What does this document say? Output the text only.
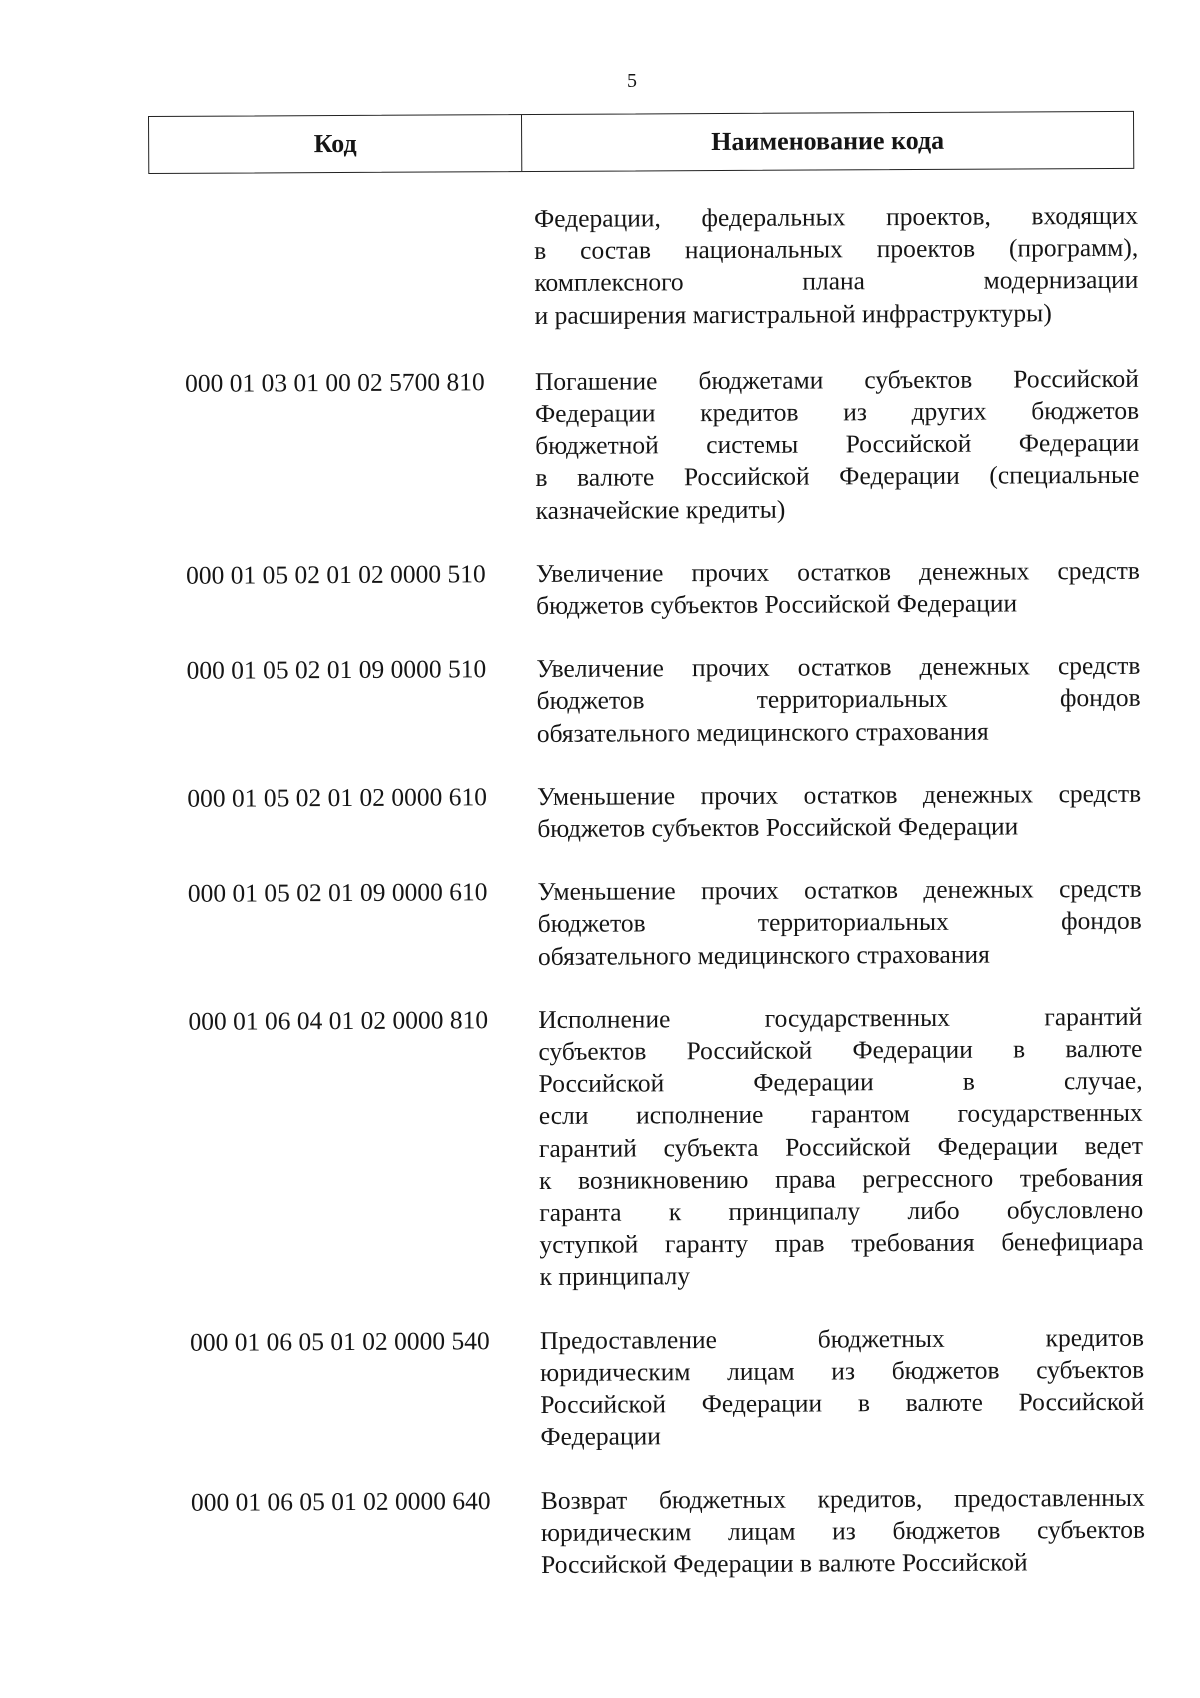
5
Код	Наименование кода
Федерации, федеральных проектов, входящих
в состав национальных проектов (программ),
комплексного плана модернизации
и расширения магистральной инфраструктуры)
000 01 03 01 00 02 5700 810	Погашение бюджетами субъектов Российской
Федерации кредитов из других бюджетов
бюджетной системы Российской Федерации
в валюте Российской Федерации (специальные
казначейские кредиты)
000 01 05 02 01 02 0000 510	Увеличение прочих остатков денежных средств
бюджетов субъектов Российской Федерации
000 01 05 02 01 09 0000 510	Увеличение прочих остатков денежных средств
бюджетов территориальных фондов
обязательного медицинского страхования
000 01 05 02 01 02 0000 610	Уменьшение прочих остатков денежных средств
бюджетов субъектов Российской Федерации
000 01 05 02 01 09 0000 610	Уменьшение прочих остатков денежных средств
бюджетов территориальных фондов
обязательного медицинского страхования
000 01 06 04 01 02 0000 810	Исполнение государственных гарантий
субъектов Российской Федерации в валюте
Российской Федерации в случае,
если исполнение гарантом государственных
гарантий субъекта Российской Федерации ведет
к возникновению права регрессного требования
гаранта к принципалу либо обусловлено
уступкой гаранту прав требования бенефициара
к принципалу
000 01 06 05 01 02 0000 540	Предоставление бюджетных кредитов
юридическим лицам из бюджетов субъектов
Российской Федерации в валюте Российской
Федерации
000 01 06 05 01 02 0000 640	Возврат бюджетных кредитов, предоставленных
юридическим лицам из бюджетов субъектов
Российской Федерации в валюте Российской
